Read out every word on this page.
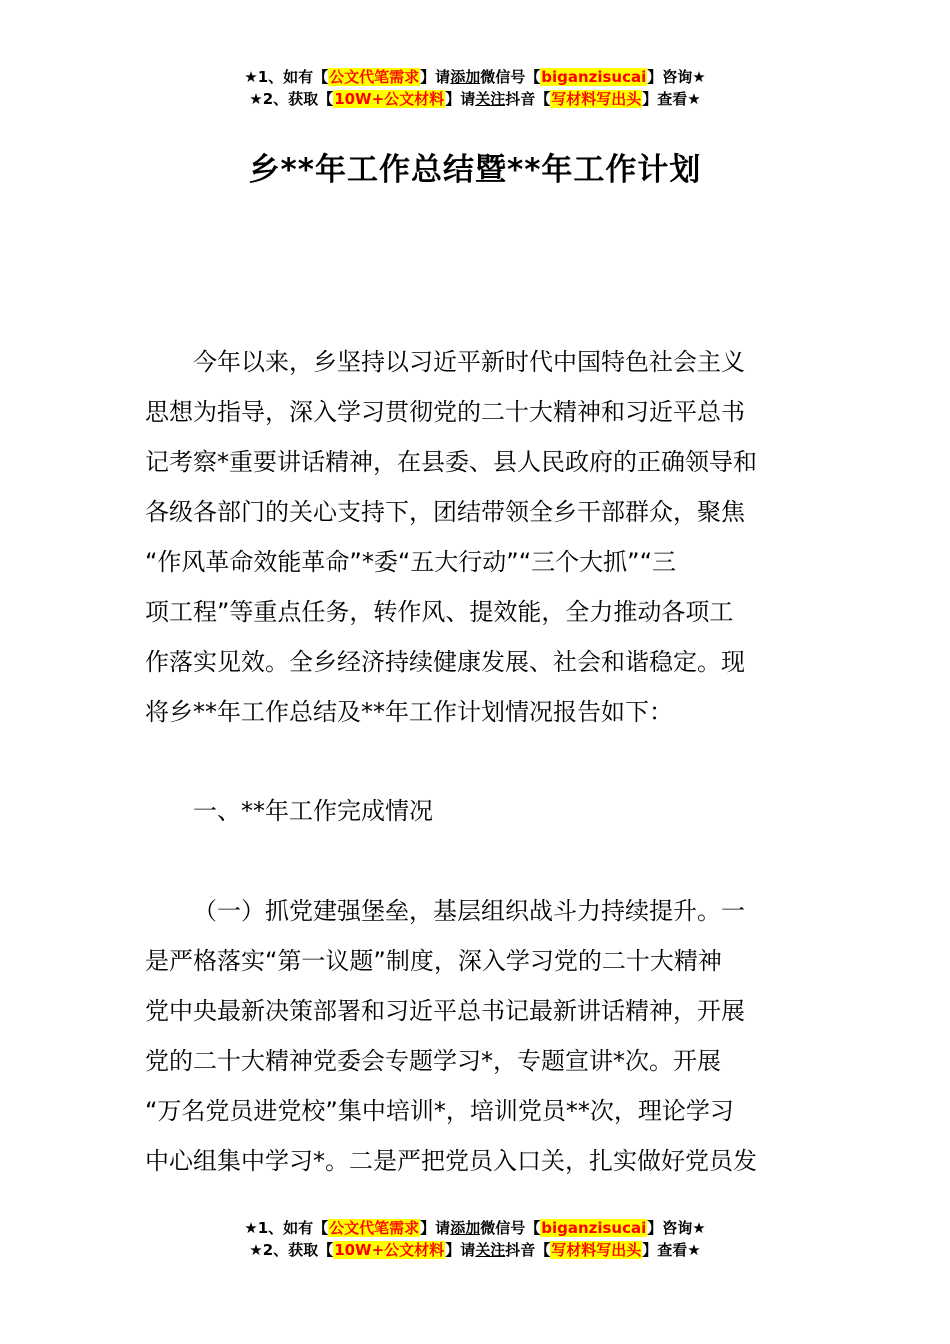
★1、如有【公文代笔需求】请添加微信号【biganzisucai】咨询★
★2、获取【10W+公文材料】请关注抖音【写材料写出头】查看★
乡**年工作总结暨**年工作计划
今年以来，乡坚持以习近平新时代中国特色社会主义
思想为指导，深入学习贯彻党的二十大精神和习近平总书
记考察*重要讲话精神，在县委、县人民政府的正确领导和
各级各部门的关心支持下，团结带领全乡干部群众，聚焦
“作风革命效能革命”*委“五大行动”“三个大抓”“三
项工程”等重点任务，转作风、提效能，全力推动各项工
作落实见效。全乡经济持续健康发展、社会和谐稳定。现
将乡**年工作总结及**年工作计划情况报告如下：
一、**年工作完成情况
（一）抓党建强堡垒，基层组织战斗力持续提升。一
是严格落实“第一议题”制度，深入学习党的二十大精神
党中央最新决策部署和习近平总书记最新讲话精神，开展
党的二十大精神党委会专题学习*，专题宣讲*次。开展
“万名党员进党校”集中培训*，培训党员**次，理论学习
中心组集中学习*。二是严把党员入口关，扎实做好党员发
★1、如有【公文代笔需求】请添加微信号【biganzisucai】咨询★
★2、获取【10W+公文材料】请关注抖音【写材料写出头】查看★
